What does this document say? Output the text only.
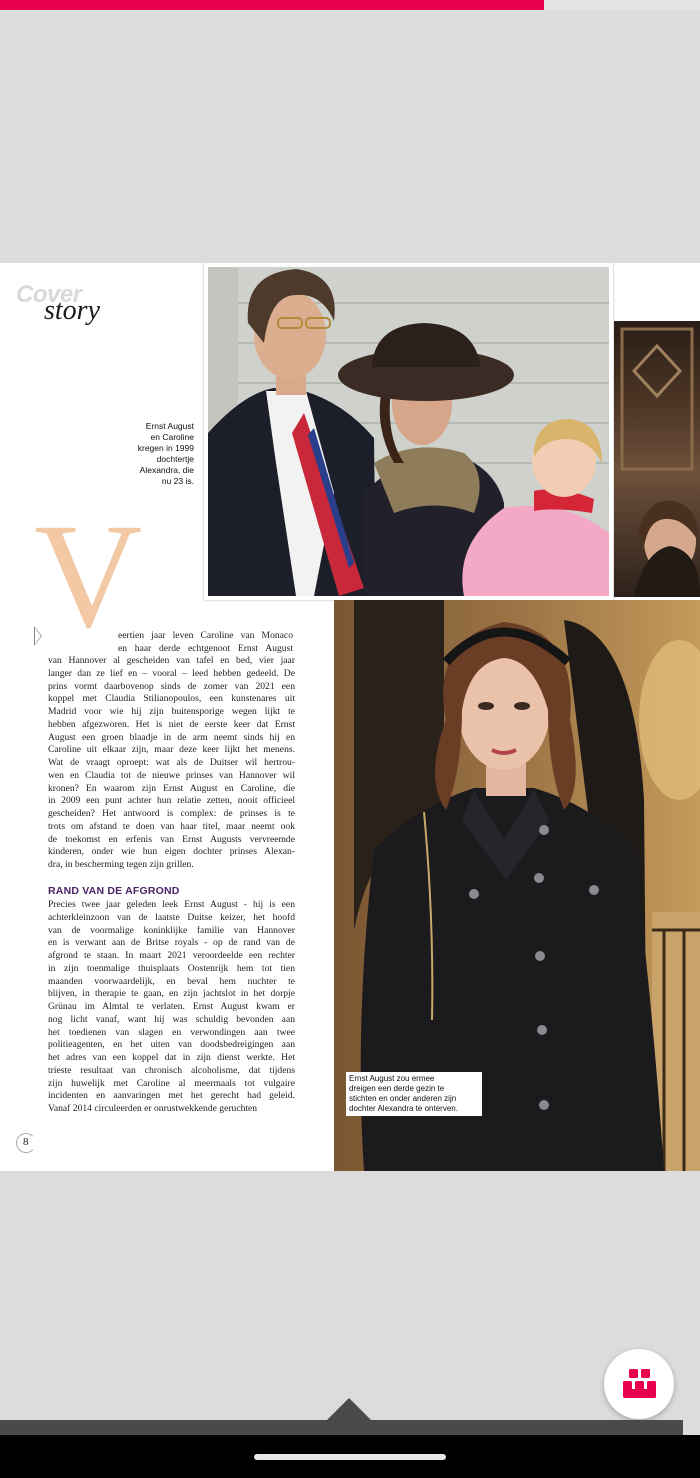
Cover
story
Ernst August
en Caroline
kregen in 1999
dochtertje
Alexandra, die
nu 23 is.
Ernst August zou ermee
dreigen een derde gezin te
stichten en onder anderen zijn
dochter Alexandra te onterven.
V
eertien jaar leven Caroline van Monaco
en haar derde echtgenoot Ernst August
van Hannover al gescheiden van tafel en bed, vier jaar
langer dan ze lief en – vooral – leed hebben gedeeld. De
prins vormt daarbovenop sinds de zomer van 2021 een
koppel met Claudia Stilianopoulos, een kunstenares uit
Madrid voor wie hij zijn buitensporige wegen lijkt te
hebben afgezworen. Het is niet de eerste keer dat Ernst
August een groen blaadje in de arm neemt sinds hij en
Caroline uit elkaar zijn, maar deze keer lijkt het menens.
Wat de vraagt oproept: wat als de Duitser wil hertrou-
wen en Claudia tot de nieuwe prinses van Hannover wil
kronen? En waarom zijn Ernst August en Caroline, die
in 2009 een punt achter hun relatie zetten, nooit officieel
gescheiden? Het antwoord is complex: de prinses is te
trots om afstand te doen van haar titel, maar neemt ook
de toekomst en erfenis van Ernst Augusts vervreemde
kinderen, onder wie hun eigen dochter prinses Alexan-
dra, in bescherming tegen zijn grillen.
RAND VAN DE AFGROND
Precies twee jaar geleden leek Ernst August - hij is een
achterkleinzoon van de laatste Duitse keizer, het hoofd
van de voormalige koninklijke familie van Hannover
en is verwant aan de Britse royals - op de rand van de
afgrond te staan. In maart 2021 veroordeelde een rechter
in zijn toenmalige thuisplaats Oostenrijk hem tot tien
maanden voorwaardelijk, en beval hem nuchter te
blijven, in therapie te gaan, en zijn jachtslot in het dorpje
Grünau im Almtal te verlaten. Ernst August kwam er
nog licht vanaf, want hij was schuldig bevonden aan
het toedienen van slagen en verwondingen aan twee
politieagenten, en het uiten van doodsbedreigingen aan
het adres van een koppel dat in zijn dienst werkte. Het
trieste resultaat van chronisch alcoholisme, dat tijdens
zijn huwelijk met Caroline al meermaals tot vulgaire
incidenten en aanvaringen met het gerecht had geleid.
Vanaf 2014 circuleerden er onrustwekkende geruchten
8
